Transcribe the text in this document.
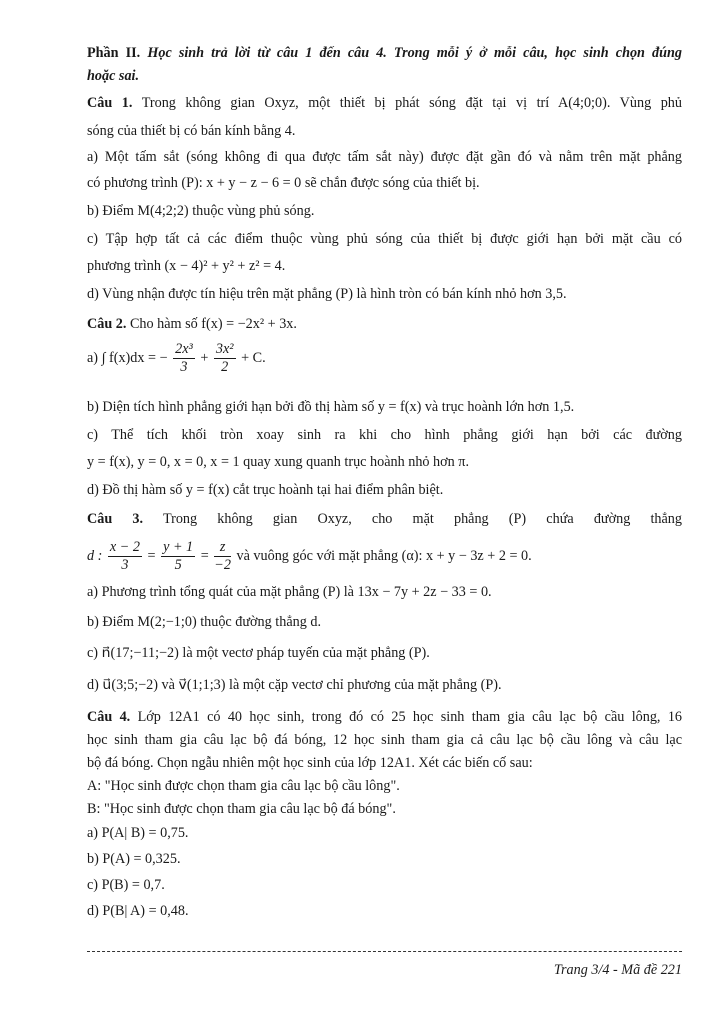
Phần II. Học sinh trả lời từ câu 1 đến câu 4. Trong mỗi ý ở mỗi câu, học sinh chọn đúng
hoặc sai.
Câu 1. Trong không gian Oxyz, một thiết bị phát sóng đặt tại vị trí A(4;0;0). Vùng phủ
sóng của thiết bị có bán kính bằng 4.
a) Một tấm sắt (sóng không đi qua được tấm sắt này) được đặt gần đó và nằm trên mặt phẳng
có phương trình (P): x + y − z − 6 = 0 sẽ chắn được sóng của thiết bị.
b) Điểm M(4;2;2) thuộc vùng phủ sóng.
c) Tập hợp tất cả các điểm thuộc vùng phủ sóng của thiết bị được giới hạn bởi mặt cầu có
phương trình (x − 4)² + y² + z² = 4.
d) Vùng nhận được tín hiệu trên mặt phẳng (P) là hình tròn có bán kính nhỏ hơn 3,5.
Câu 2. Cho hàm số f(x) = −2x² + 3x.
a) ∫ f(x)dx = − $\frac{\text{2x³}}{3} + \frac{\text{3x²}}{2} + C$.
b) Diện tích hình phẳng giới hạn bởi đồ thị hàm số y = f(x) và trục hoành lớn hơn 1,5.
c) Thể tích khối tròn xoay sinh ra khi cho hình phẳng giới hạn bởi các đường
y = f(x), y = 0, x = 0, x = 1 quay xung quanh trục hoành nhỏ hơn π.
d) Đồ thị hàm số y = f(x) cắt trục hoành tại hai điểm phân biệt.
Câu 3. Trong không gian Oxyz, cho mặt phẳng (P) chứa đường thẳng
d : $\frac{x - 2}{3} = \frac{y + 1}{5} = \frac{z}{-2}$ và vuông góc với mặt phẳng (α): x + y − 3z + 2 = 0.
a) Phương trình tổng quát của mặt phẳng (P) là 13x − 7y + 2z − 33 = 0.
b) Điểm M(2;−1;0) thuộc đường thẳng d.
c) n⃗(17;−11;−2) là một vectơ pháp tuyến của mặt phẳng (P).
d) u⃗(3;5;−2) và v⃗(1;1;3) là một cặp vectơ chỉ phương của mặt phẳng (P).
Câu 4. Lớp 12A1 có 40 học sinh, trong đó có 25 học sinh tham gia câu lạc bộ cầu lông, 16
học sinh tham gia câu lạc bộ đá bóng, 12 học sinh tham gia cả câu lạc bộ cầu lông và câu lạc
bộ đá bóng. Chọn ngẫu nhiên một học sinh của lớp 12A1. Xét các biến cố sau:
A: "Học sinh được chọn tham gia câu lạc bộ cầu lông".
B: "Học sinh được chọn tham gia câu lạc bộ đá bóng".
a) P(A| B) = 0,75.
b) P(A) = 0,325.
c) P(B) = 0,7.
d) P(B| A) = 0,48.
Trang 3/4 - Mã đề 221
